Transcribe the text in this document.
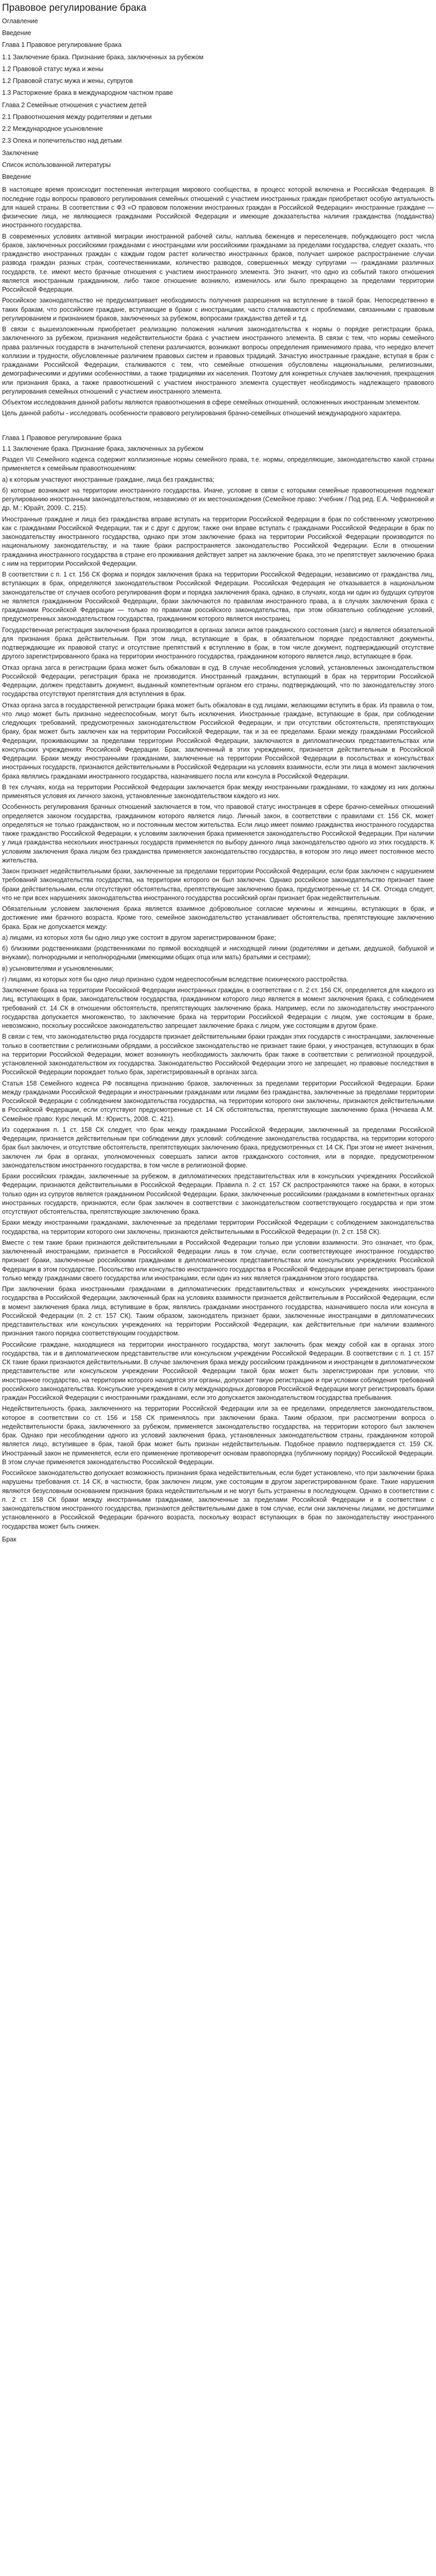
Правовое регулирование брака
Оглавление
Введение
Глава 1 Правовое регулирование брака
1.1 Заключение брака. Признание брака, заключенных за рубежом
1.2 Правовой статус мужа и жены
1.2 Правовой статус мужа и жены, супругов
1.3 Расторжение брака в международном частном праве
Глава 2 Семейные отношения с участием детей
2.1 Правоотношения между родителями и детьми
2.2 Международное усыновление
2.3 Опека и попечительство над детьми
Заключение
Список использованной литературы
Введение

В настоящее время происходит постепенная интеграция мирового сообщества, в процесс которой включена и Российская Федерация. В последние годы вопросы правового регулирования семейных отношений с участием иностранных граждан приобретают особую актуальность для нашей страны. В соответствии с ФЗ «О правовом положении иностранных граждан в Российской Федерации» иностранные граждане — физические лица, не являющиеся гражданами Российской Федерации и имеющие доказательства наличия гражданства (подданства) иностранного государства.

В современных условиях активной миграции иностранной рабочей силы, наплыва беженцев и переселенцев, побуждающего рост числа браков, заключенных российскими гражданами с иностранцами или российскими гражданами за пределами государства, следует сказать, что гражданство иностранных граждан с каждым годом растет количество иностранных браков, получает широкое распространение случаи развода граждан разных стран, соотечественниками, количество разводов, совершенных между супругами — гражданами различных государств, т.е. имеют место брачные отношения с участием иностранного элемента. Это значит, что одно из событий такого отношения является иностранным гражданином, либо такое отношение возникло, изменилось или было прекращено за пределами территории Российской Федерации.

Российское законодательство не предусматривает необходимость получения разрешения на вступление в такой брак. Непосредственно в таких бракам, что российские граждане, вступающие в браки с иностранцами, часто сталкиваются с проблемами, связанными с правовым регулированием и признанием браков, заключенных за рубежом, вопросами гражданства детей и т.д.

В связи с вышеизложенным приобретает реализацию положения наличия законодательства к нормы о порядке регистрации брака, заключенного за рубежом, признания недействительности брака с участием иностранного элемента. В связи с тем, что нормы семейного права различных государств в значительной степени различаются, возникают вопросы определения применимого права, что нередко влечет коллизии и трудности, обусловленные различием правовых систем и правовых традиций. Зачастую иностранные граждане, вступая в брак с гражданами Российской Федерации, сталкиваются с тем, что семейные отношения обусловлены национальными, религиозными, демографическими и другими особенностями, а также традициями их населения. Поэтому для конкретных случаев заключения, прекращения или признания брака, а также правоотношений с участием иностранного элемента существует необходимость надлежащего правового регулирования семейных отношений с участием иностранного элемента.

Объектом исследования данной работы являются правоотношения в сфере семейных отношений, осложненных иностранным элементом.

Цель данной работы - исследовать особенности правового регулирования брачно-семейных отношений международного характера.

Глава 1 Правовое регулирование брака
1.1 Заключение брака. Признание брака, заключенных за рубежом

Раздел VII Семейного кодекса содержит коллизионные нормы семейного права, т.е. нормы, определяющие, законодательство какой страны применяется к семейным правоотношениям:

а) к которым участвуют иностранные граждане, лица без гражданства;

б) которые возникают на территории иностранного государства. Иначе, условие в связи с которыми семейные правоотношения подлежат регулированию иностранным законодательством, независимо от их местонахождения (Семейное право: Учебник / Под ред. Е.А. Чефрановой и др. М.: Юрайт, 2009. С. 215).

Иностранные граждане и лица без гражданства вправе вступать на территории Российской Федерации в брак по собственному усмотрению как с гражданами Российской Федерации, так и с друг с другом; также они вправе вступать с гражданами Российской Федерации в брак по законодательству иностранного государства, однако при этом заключение брака на территории Российской Федерации производится по национальному законодательству, и на такие браки распространяется законодательство Российской Федерации. Если в отношении гражданина иностранного государства в стране его проживания действует запрет на заключение брака, это не препятствует заключению брака с ним на территории Российской Федерации.

В соответствии с п. 1 ст. 156 СК форма и порядок заключения брака на территории Российской Федерации, независимо от гражданства лиц, вступающих в брак, определяются законодательством Российской Федерации. Российская Федерация не отказывается в национальном законодательстве от случаев особого регулирования форм и порядка заключения брака, однако, в случаях, когда ни один из будущих супругов не является гражданином Российской Федерации, браки заключаются по правилам иностранного права, а в случаях заключения брака с гражданами Российской Федерации — только по правилам российского законодательства, при этом обязательно соблюдение условий, предусмотренных законодательством государства, гражданином которого является иностранец.

Государственная регистрация заключения брака производится в органах записи актов гражданского состояния (загс) и является обязательной для признания брака действительным. При этом лица, вступающие в брак, в обязательном порядке предоставляют документы, подтверждающие их правовой статус и отсутствие препятствий к вступлению в брак, в том числе документ, подтверждающий отсутствие другого зарегистрированного брака на территории иностранного государства, гражданином которого является лицо, вступающее в брак.

Отказ органа загса в регистрации брака может быть обжалован в суд. В случае несоблюдения условий, установленных законодательством Российской Федерации, регистрация брака не производится. Иностранный гражданин, вступающий в брак на территории Российской Федерации, должен представить документ, выданный компетентным органом его страны, подтверждающий, что по законодательству этого государства отсутствуют препятствия для вступления в брак.

Отказ органа загса в государственной регистрации брака может быть обжалован в суд лицами, желающими вступить в брак. Из правила о том, что лицо может быть признано недееспособным, могут быть исключения. Иностранные граждане, вступающие в брак, при соблюдении следующих требований, предусмотренных законодательством Российской Федерации, и при отсутствии обстоятельств, препятствующих браку, брак может быть заключен как на территории Российской Федерации, так и за ее пределами. Браки между гражданами Российской Федерации, проживающими за пределами территории Российской Федерации, заключаются в дипломатических представительствах или консульских учреждениях Российской Федерации. Брак, заключенный в этих учреждениях, признается действительным в Российской Федерации. Браки между иностранными гражданами, заключенные на территории Российской Федерации в посольствах и консульствах иностранных государств, признаются действительными в Российской Федерации на условиях взаимности, если эти лица в момент заключения брака являлись гражданами иностранного государства, назначившего посла или консула в Российской Федерации.

В тех случаях, когда на территории Российской Федерации заключается брак между иностранными гражданами, то каждому из них должны применяться условия их личного закона, установленные законодательством каждого из них.

Особенность регулирования брачных отношений заключается в том, что правовой статус иностранцев в сфере брачно-семейных отношений определяется законом государства, гражданином которого является лицо. Личный закон, в соответствии с правилами ст. 156 СК, может определяться не только гражданством, но и постоянным местом жительства. Если лицо имеет помимо гражданства иностранного государства также гражданство Российской Федерации, к условиям заключения брака применяется законодательство Российской Федерации. При наличии у лица гражданства нескольких иностранных государств применяется по выбору данного лица законодательство одного из этих государств. К условиям заключения брака лицом без гражданства применяется законодательство государства, в котором это лицо имеет постоянное место жительства.

Закон признает недействительными браки, заключенные за пределами территории Российской Федерации, если брак заключен с нарушением требований законодательства государства, на территории которого он был заключен. Однако российское законодательство признает такие браки действительными, если отсутствуют обстоятельства, препятствующие заключению брака, предусмотренные ст. 14 СК. Отсюда следует, что не при всех нарушениях законодательства иностранного государства российский орган признает брак недействительным.

Обязательным условием заключения брака является взаимное добровольное согласие мужчины и женщины, вступающих в брак, и достижение ими брачного возраста. Кроме того, семейное законодательство устанавливает обстоятельства, препятствующие заключению брака. Брак не допускается между:

а) лицами, из которых хотя бы одно лицо уже состоит в другом зарегистрированном браке;

б) близкими родственниками (родственниками по прямой восходящей и нисходящей линии (родителями и детьми, дедушкой, бабушкой и внуками), полнородными и неполнородными (имеющими общих отца или мать) братьями и сестрами);

в) усыновителями и усыновленными;

г) лицами, из которых хотя бы одно лицо признано судом недееспособным вследствие психического расстройства.

Заключение брака на территории Российской Федерации иностранных граждан, в соответствии с п. 2 ст. 156 СК, определяется для каждого из лиц, вступающих в брак, законодательством государства, гражданином которого лицо является в момент заключения брака, с соблюдением требований ст. 14 СК в отношении обстоятельств, препятствующих заключению брака. Например, если по законодательству иностранного государства допускается многоженство, то заключение брака на территории Российской Федерации с лицом, уже состоящим в браке, невозможно, поскольку российское законодательство запрещает заключение брака с лицом, уже состоящим в другом браке.

В связи с тем, что законодательство ряда государств признает действительными браки граждан этих государств с иностранцами, заключенные только в соответствии с религиозными обрядами, а российское законодательство не признает такие браки, у иностранцев, вступающих в брак на территории Российской Федерации, может возникнуть необходимость заключить брак также в соответствии с религиозной процедурой, установленной законодательством их государства. Законодательство Российской Федерации этого не запрещает, но правовые последствия в Российской Федерации порождает только брак, зарегистрированный в органах загса.

Статья 158 Семейного кодекса РФ посвящена признанию браков, заключенных за пределами территории Российской Федерации. Браки между гражданами Российской Федерации и иностранными гражданами или лицами без гражданства, заключенные за пределами территории Российской Федерации с соблюдением законодательства государства, на территории которого они заключены, признаются действительными в Российской Федерации, если отсутствуют предусмотренные ст. 14 СК обстоятельства, препятствующие заключению брака (Нечаева А.М. Семейное право: Курс лекций. М.: Юристъ, 2008. С. 421).

Из содержания п. 1 ст. 158 СК следует, что брак между гражданами Российской Федерации, заключенный за пределами Российской Федерации, признается действительным при соблюдении двух условий: соблюдение законодательства государства, на территории которого брак был заключен, и отсутствие обстоятельств, препятствующих заключению брака, предусмотренных ст. 14 СК. При этом не имеет значения, заключен ли брак в органах, уполномоченных совершать записи актов гражданского состояния, или в порядке, предусмотренном законодательством иностранного государства, в том числе в религиозной форме.

Браки российских граждан, заключенные за рубежом, в дипломатических представительствах или в консульских учреждениях Российской Федерации, признаются действительными в Российской Федерации. Правила п. 2 ст. 157 СК распространяются также на браки, в которых только один из супругов является гражданином Российской Федерации. Браки, заключенные российскими гражданами в компетентных органах иностранных государств, признаются, если брак заключен в соответствии с законодательством соответствующего государства и при этом отсутствуют обстоятельства, препятствующие заключению брака.

Браки между иностранными гражданами, заключенные за пределами территории Российской Федерации с соблюдением законодательства государства, на территории которого они заключены, признаются действительными в Российской Федерации (п. 2 ст. 158 СК).

Вместе с тем такие браки признаются действительными в Российской Федерации только при условии взаимности. Это означает, что брак, заключенный иностранцами, признается в Российской Федерации лишь в том случае, если соответствующее иностранное государство признает браки, заключенные российскими гражданами в дипломатических представительствах или консульских учреждениях Российской Федерации в этом государстве. Посольство или консульство иностранного государства в Российской Федерации вправе регистрировать браки только между гражданами своего государства или иностранцами, если один из них является гражданином этого государства.

При заключении брака иностранными гражданами в дипломатических представительствах и консульских учреждениях иностранного государства в Российской Федерации, заключенный брак на условиях взаимности признается действительным в Российской Федерации, если в момент заключения брака лица, вступившие в брак, являлись гражданами иностранного государства, назначившего посла или консула в Российской Федерации (п. 2 ст. 157 СК). Таким образом, законодатель признает браки, заключенные иностранцами в дипломатических представительствах или консульских учреждениях на территории Российской Федерации, как действительные при наличии взаимного признания такого порядка соответствующим государством.

Российские граждане, находящиеся на территории иностранного государства, могут заключить брак между собой как в органах этого государства, так и в дипломатическом представительстве или консульском учреждении Российской Федерации. В соответствии с п. 1 ст. 157 СК такие браки признаются действительными. В случае заключения брака между российским гражданином и иностранцем в дипломатическом представительстве или консульском учреждении Российской Федерации такой брак может быть зарегистрирован при условии, что иностранное государство, на территории которого находятся эти органы, допускает такую регистрацию и при условии соблюдения требований российского законодательства. Консульские учреждения в силу международных договоров Российской Федерации могут регистрировать браки граждан Российской Федерации с иностранными гражданами, если это допускается законодательством государства пребывания.

Недействительность брака, заключенного на территории Российской Федерации или за ее пределами, определяется законодательством, которое в соответствии со ст. 156 и 158 СК применялось при заключении брака. Таким образом, при рассмотрении вопроса о недействительности брака, заключенного за рубежом, применяется законодательство государства, на территории которого был заключен брак. Однако при несоблюдении одного из условий заключения брака, установленных законодательством страны, гражданином которой является лицо, вступившее в брак, такой брак может быть признан недействительным. Подобное правило подтверждается ст. 159 СК. Иностранный закон не применяется, если его применение противоречит основам правопорядка (публичному порядку) Российской Федерации. В этом случае применяется законодательство Российской Федерации.

Российское законодательство допускает возможность признания брака недействительным, если будет установлено, что при заключении брака нарушены требования ст. 14 СК, в частности, брак заключен лицом, уже состоящим в другом зарегистрированном браке. Такие нарушения являются безусловным основанием признания брака недействительным и не могут быть устранены в последующем. Однако в соответствии с п. 2 ст. 158 СК браки между иностранными гражданами, заключенные за пределами Российской Федерации и в соответствии с законодательством иностранного государства, признаются действительными даже в том случае, если они заключены лицами, не достигшими установленного в Российской Федерации брачного возраста, поскольку возраст вступающих в брак по законодательству иностранного государства может быть снижен.

Брак
